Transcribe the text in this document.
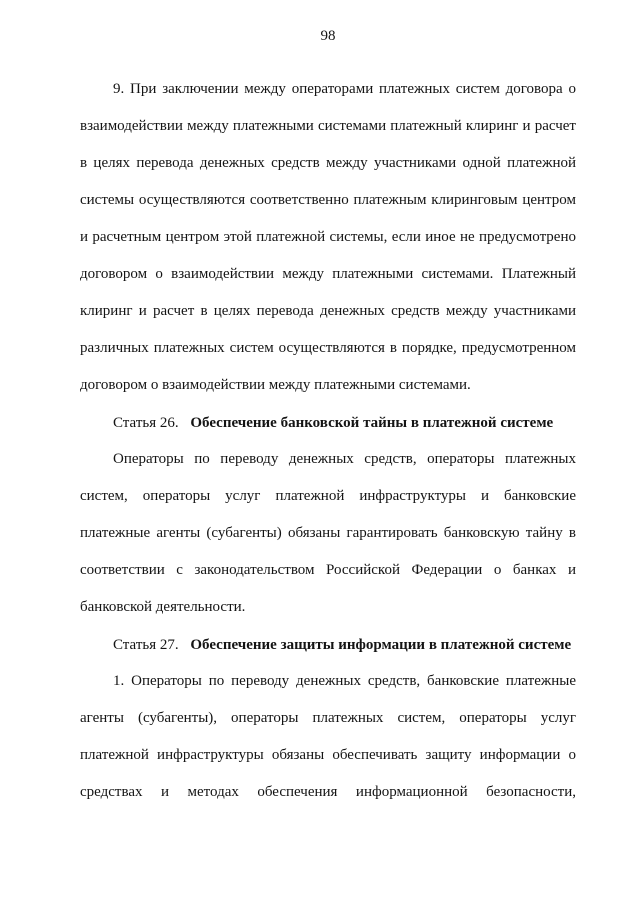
98

9. При заключении между операторами платежных систем договора о взаимодействии между платежными системами платежный клиринг и расчет в целях перевода денежных средств между участниками одной платежной системы осуществляются соответственно платежным клиринговым центром и расчетным центром этой платежной системы, если иное не предусмотрено договором о взаимодействии между платежными системами. Платежный клиринг и расчет в целях перевода денежных средств между участниками различных платежных систем осуществляются в порядке, предусмотренном договором о взаимодействии между платежными системами.

Статья 26. Обеспечение банковской тайны в платежной системе

Операторы по переводу денежных средств, операторы платежных систем, операторы услуг платежной инфраструктуры и банковские платежные агенты (субагенты) обязаны гарантировать банковскую тайну в соответствии с законодательством Российской Федерации о банках и банковской деятельности.

Статья 27. Обеспечение защиты информации в платежной системе

1. Операторы по переводу денежных средств, банковские платежные агенты (субагенты), операторы платежных систем, операторы услуг платежной инфраструктуры обязаны обеспечивать защиту информации о средствах и методах обеспечения информационной безопасности,
